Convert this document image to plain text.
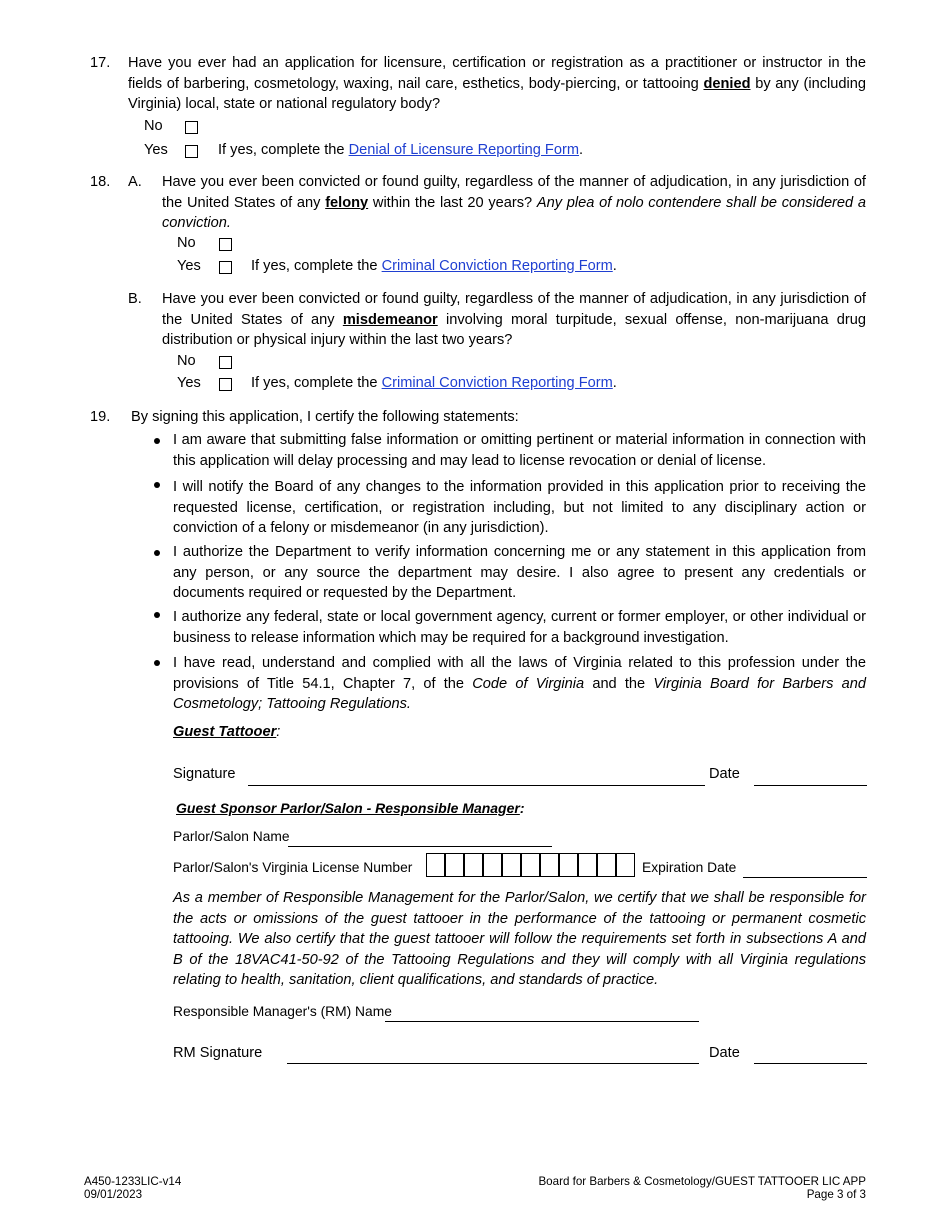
17. Have you ever had an application for licensure, certification or registration as a practitioner or instructor in the fields of barbering, cosmetology, waxing, nail care, esthetics, body-piercing, or tattooing denied by any (including Virginia) local, state or national regulatory body?
No
Yes	If yes, complete the Denial of Licensure Reporting Form.
18. A. Have you ever been convicted or found guilty, regardless of the manner of adjudication, in any jurisdiction of the United States of any felony within the last 20 years? Any plea of nolo contendere shall be considered a conviction.
No
Yes	If yes, complete the Criminal Conviction Reporting Form.
B. Have you ever been convicted or found guilty, regardless of the manner of adjudication, in any jurisdiction of the United States of any misdemeanor involving moral turpitude, sexual offense, non-marijuana drug distribution or physical injury within the last two years?
No
Yes	If yes, complete the Criminal Conviction Reporting Form.
19. By signing this application, I certify the following statements:
I am aware that submitting false information or omitting pertinent or material information in connection with this application will delay processing and may lead to license revocation or denial of license.
I will notify the Board of any changes to the information provided in this application prior to receiving the requested license, certification, or registration including, but not limited to any disciplinary action or conviction of a felony or misdemeanor (in any jurisdiction).
I authorize the Department to verify information concerning me or any statement in this application from any person, or any source the department may desire. I also agree to present any credentials or documents required or requested by the Department.
I authorize any federal, state or local government agency, current or former employer, or other individual or business to release information which may be required for a background investigation.
I have read, understand and complied with all the laws of Virginia related to this profession under the provisions of Title 54.1, Chapter 7, of the Code of Virginia and the Virginia Board for Barbers and Cosmetology; Tattooing Regulations.
Guest Tattooer:
Signature	Date
Guest Sponsor Parlor/Salon - Responsible Manager:
Parlor/Salon Name
Parlor/Salon's Virginia License Number	Expiration Date
As a member of Responsible Management for the Parlor/Salon, we certify that we shall be responsible for the acts or omissions of the guest tattooer in the performance of the tattooing or permanent cosmetic tattooing. We also certify that the guest tattooer will follow the requirements set forth in subsections A and B of the 18VAC41-50-92 of the Tattooing Regulations and they will comply with all Virginia regulations relating to health, sanitation, client qualifications, and standards of practice.
Responsible Manager's (RM) Name
RM Signature	Date
A450-1233LIC-v14
09/01/2023
Board for Barbers & Cosmetology/GUEST TATTOOER LIC APP
Page 3 of 3
